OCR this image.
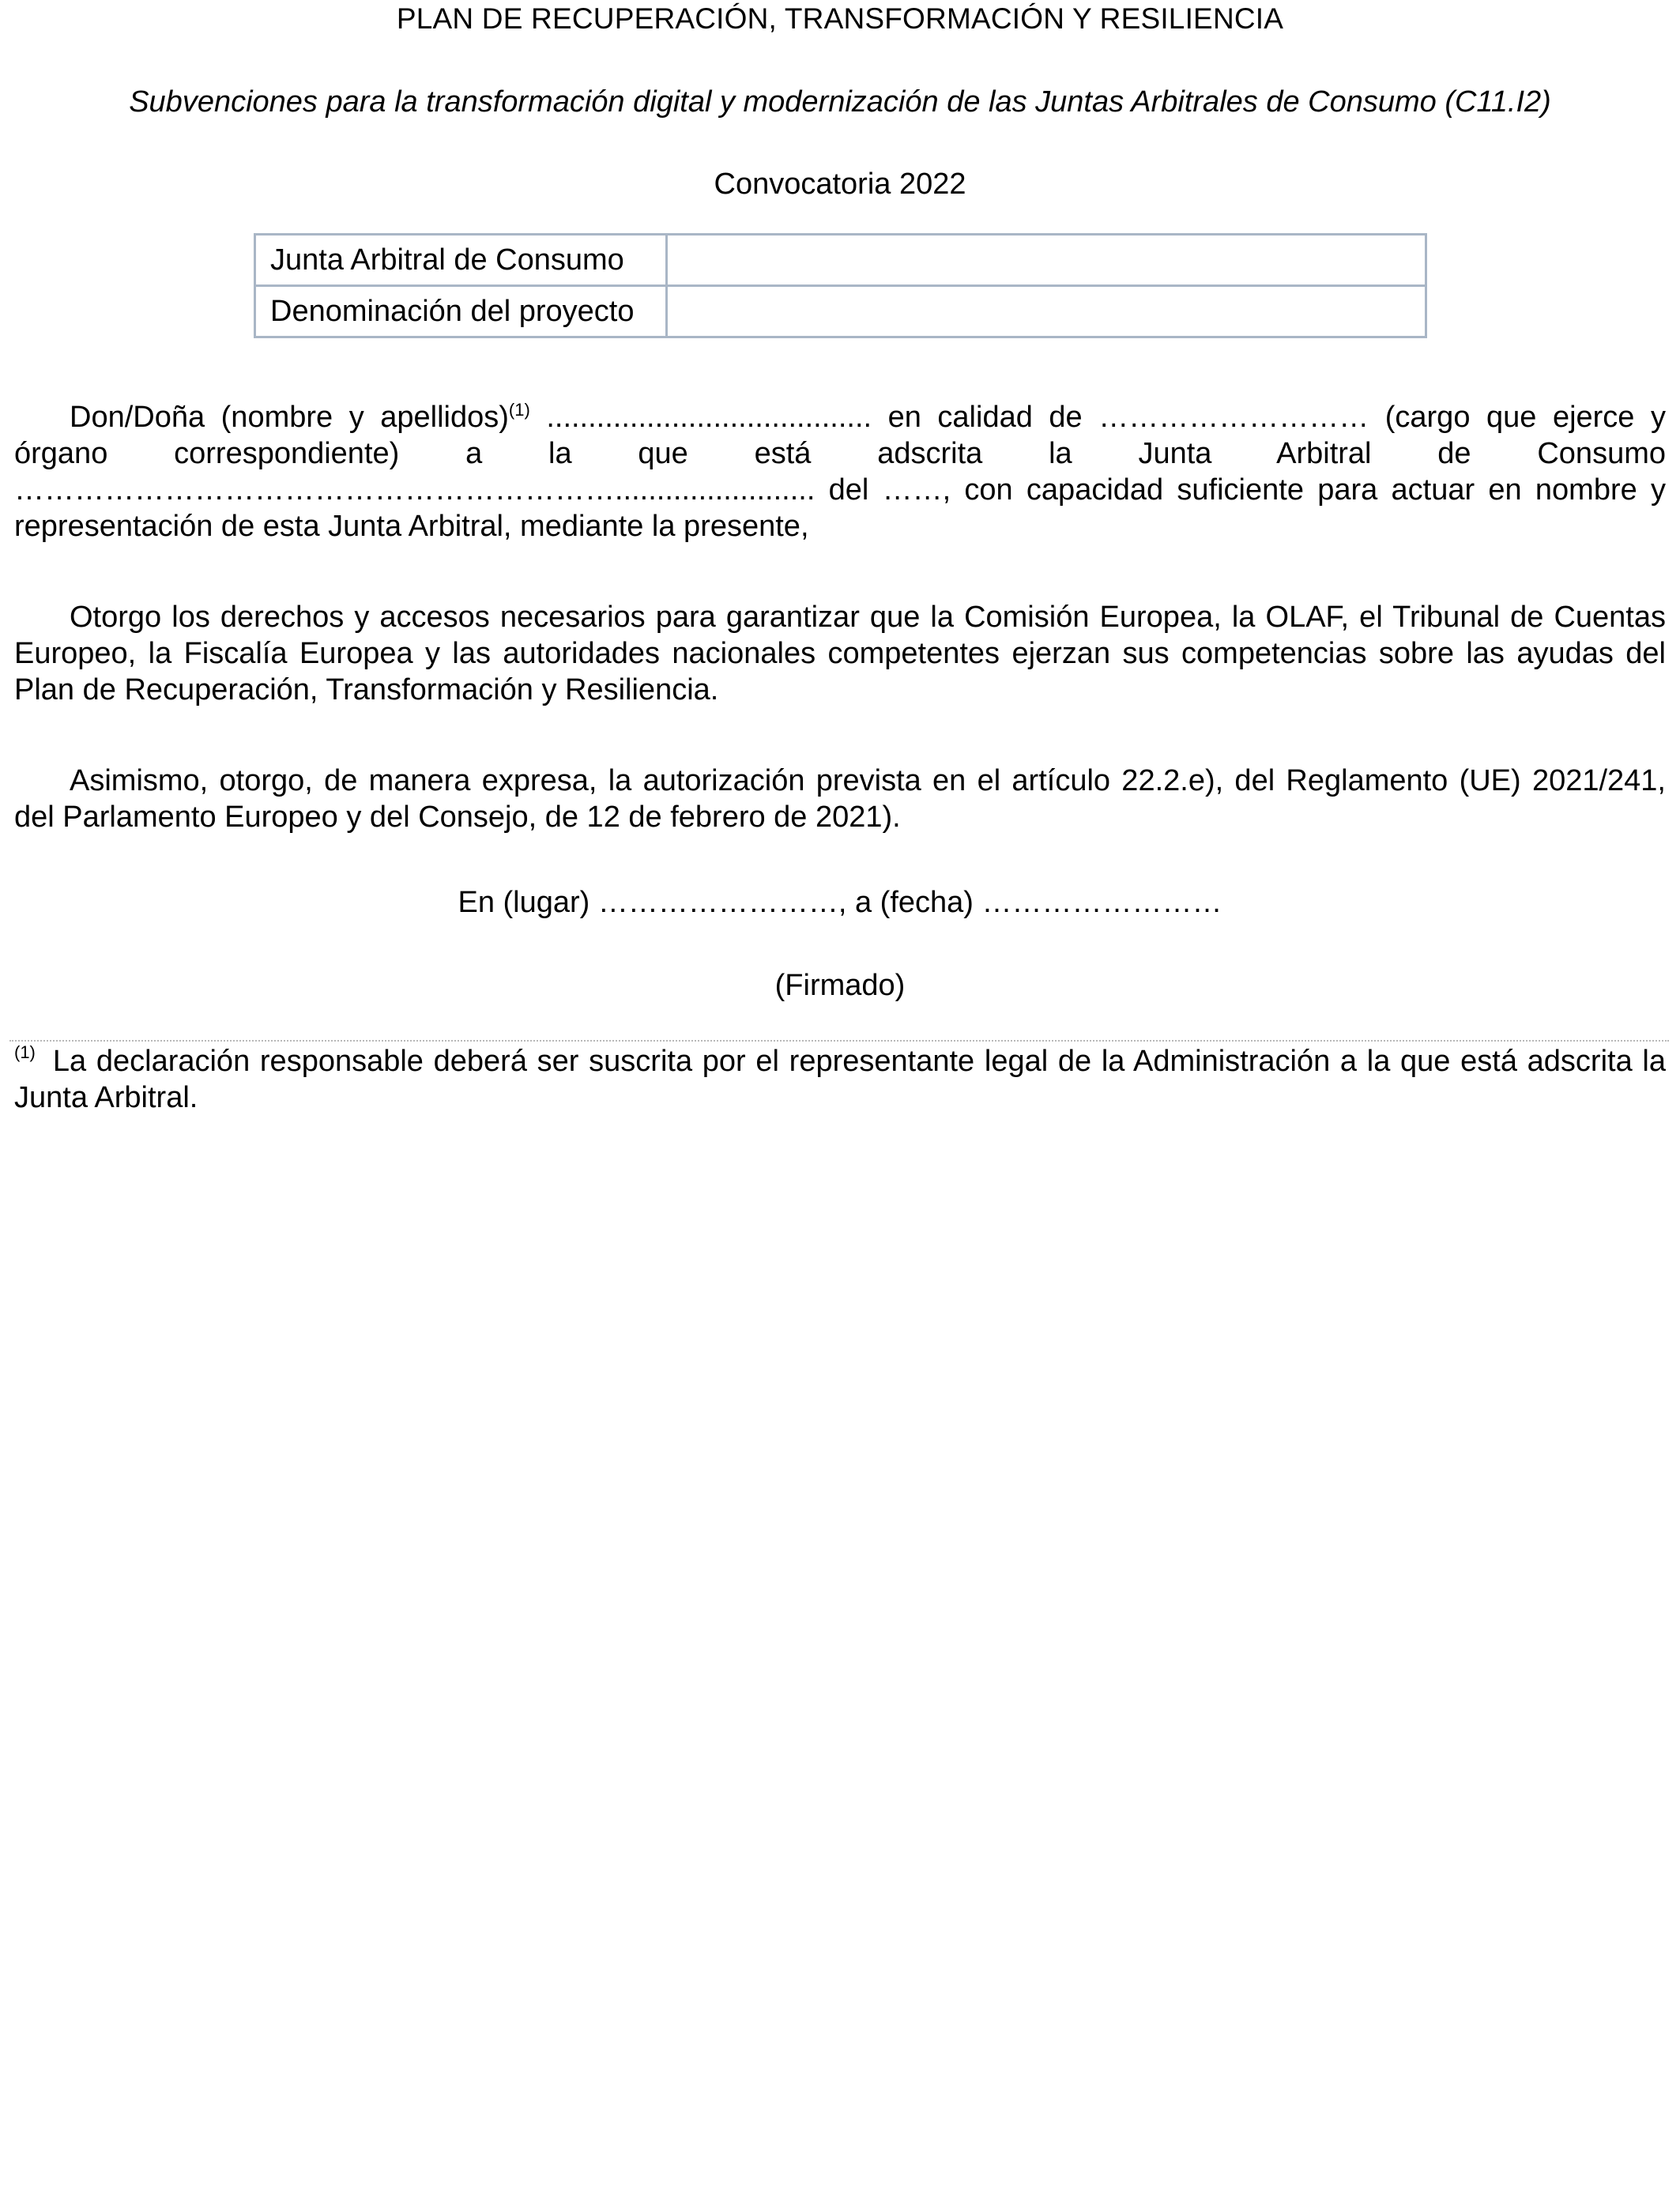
PLAN DE RECUPERACIÓN, TRANSFORMACIÓN Y RESILIENCIA
Subvenciones para la transformación digital y modernización de las Juntas Arbitrales de Consumo (C11.I2)
Convocatoria 2022
Junta Arbitral de Consumo	
Denominación del proyecto	
Don/Doña (nombre y apellidos)$^{(1)}$ ....................................... en calidad de ……………………… (cargo que ejerce y órgano correspondiente) a la que está adscrita la Junta Arbitral de Consumo ……………………………………………………........................ del ……, con capacidad suficiente para actuar en nombre y representación de esta Junta Arbitral, mediante la presente,
Otorgo los derechos y accesos necesarios para garantizar que la Comisión Europea, la OLAF, el Tribunal de Cuentas Europeo, la Fiscalía Europea y las autoridades nacionales competentes ejerzan sus competencias sobre las ayudas del Plan de Recuperación, Transformación y Resiliencia.
Asimismo, otorgo, de manera expresa, la autorización prevista en el artículo 22.2.e), del Reglamento (UE) 2021/241, del Parlamento Europeo y del Consejo, de 12 de febrero de 2021).
En (lugar) ……………………, a (fecha) ……………………
(Firmado)
$^{(1)}$ La declaración responsable deberá ser suscrita por el representante legal de la Administración a la que está adscrita la Junta Arbitral.
